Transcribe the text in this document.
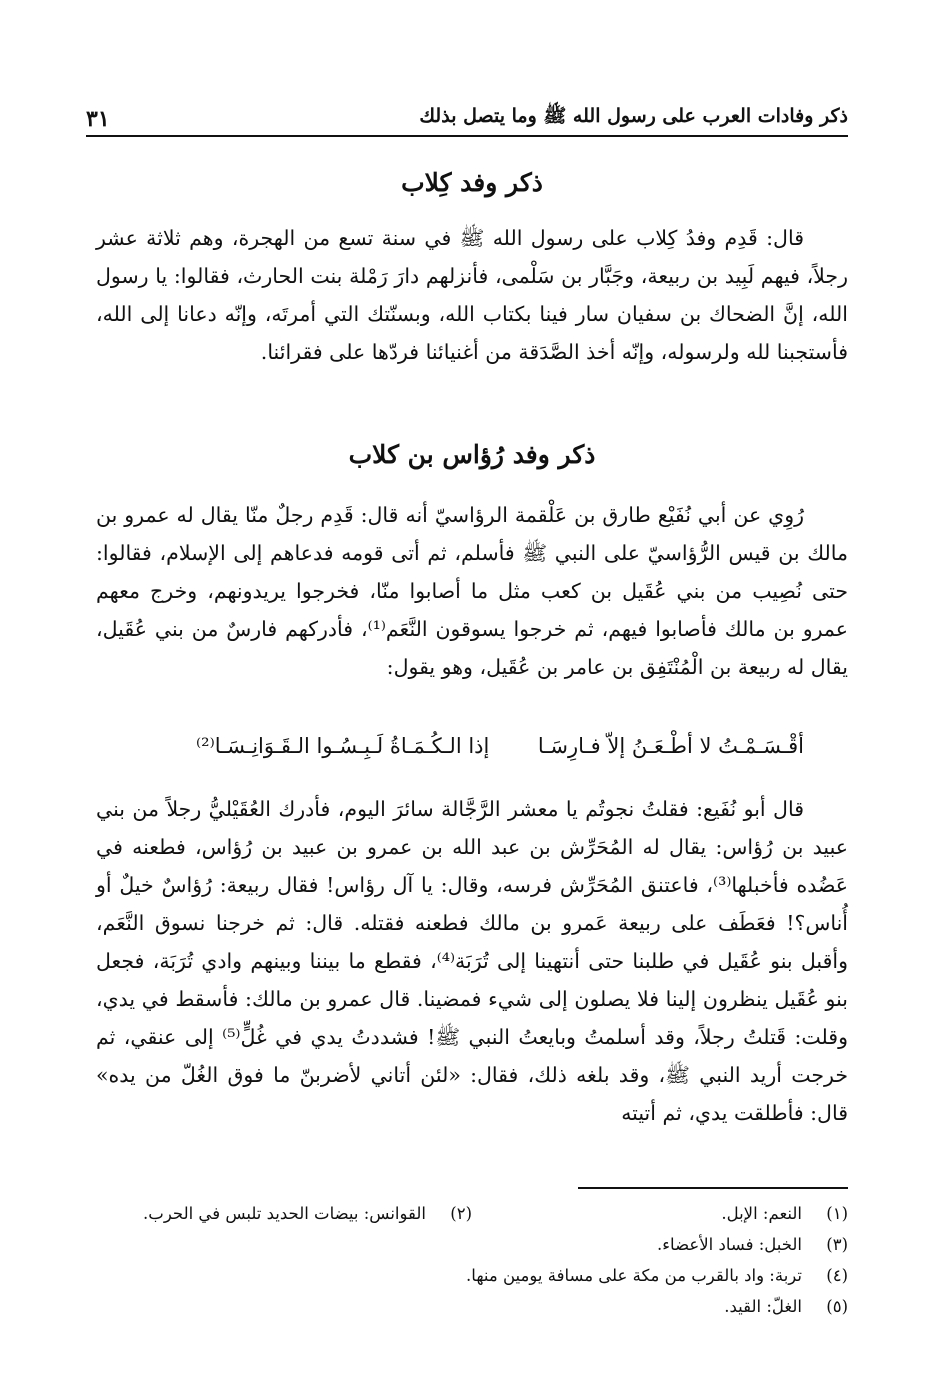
ذكر وفادات العرب على رسول الله ﷺ وما يتصل بذلك
٣١
ذكر وفد كِلاب

قال: قَدِم وفدُ كِلاب على رسول الله ﷺ في سنة تسع من الهجرة، وهم ثلاثة عشر رجلاً، فيهم لَبِيد بن ربيعة، وجَبَّار بن سَلْمى، فأنزلهم دارَ رَمْلة بنت الحارث، فقالوا: يا رسول الله، إنَّ الضحاك بن سفيان سار فينا بكتاب الله، وبسنّتك التي أمرتَه، وإنّه دعانا إلى الله، فأستجبنا لله ولرسوله، وإنّه أخذ الصَّدَقة من أغنيائنا فردّها على فقرائنا.

ذكر وفد رُؤاس بن كلاب

رُوِي عن أبي نُفَيْع طارق بن عَلْقمة الرؤاسيّ أنه قال: قَدِم رجلٌ منّا يقال له عمرو بن مالك بن قيس الرُّؤاسيّ على النبي ﷺ فأسلم، ثم أتى قومه فدعاهم إلى الإسلام، فقالوا: حتى نُصِيب من بني عُقَيل بن كعب مثل ما أصابوا منّا، فخرجوا يريدونهم، وخرج معهم عمرو بن مالك فأصابوا فيهم، ثم خرجوا يسوقون النَّعَم⁽¹⁾، فأدركهم فارسٌ من بني عُقَيل، يقال له ربيعة بن الْمُنْتَفِق بن عامر بن عُقَيل، وهو يقول:

أقْـسَـمْـتُ لا أطْـعَـنُ إلاّ فـارِسَـا
إذا الـكُـمَـاةُ لَـبِـسُـوا الـقَـوَانِـسَـا⁽²⁾

قال أبو نُفَيع: فقلتُ نجوتُم يا معشر الرَّجَّالة سائرَ اليوم، فأدرك العُقَيْليُّ رجلاً من بني عبيد بن رُؤاس: يقال له المُحَرِّش بن عبد الله بن عمرو بن عبيد بن رُؤاس، فطعنه في عَضُده فأخبلها⁽³⁾، فاعتنق المُحَرِّش فرسه، وقال: يا آل رؤاس! فقال ربيعة: رُؤاسٌ خيلٌ أو أُناس؟! فعَطَف على ربيعة عَمرو بن مالك فطعنه فقتله. قال: ثم خرجنا نسوق النَّعَم، وأقبل بنو عُقَيل في طلبنا حتى أنتهينا إلى تُرَبَة⁽⁴⁾، فقطع ما بيننا وبينهم وادي تُرَبَة، فجعل بنو عُقَيل ينظرون إلينا فلا يصلون إلى شيء فمضينا. قال عمرو بن مالك: فأسقط في يدي، وقلت: قَتلتُ رجلاً، وقد أسلمتُ وبايعتُ النبي ﷺ! فشددتُ يدي في غُلٍّ⁽⁵⁾ إلى عنقي، ثم خرجت أريد النبي ﷺ، وقد بلغه ذلك، فقال: «لئن أتاني لأضربنّ ما فوق الغُلّ من يده» قال: فأطلقت يدي، ثم أتيته

(١)
النعم: الإبل.
(٢)
القوانس: بيضات الحديد تلبس في الحرب.
(٣)
الخبل: فساد الأعضاء.
(٤)
تربة: واد بالقرب من مكة على مسافة يومين منها.
(٥)
الغلّ: القيد.
